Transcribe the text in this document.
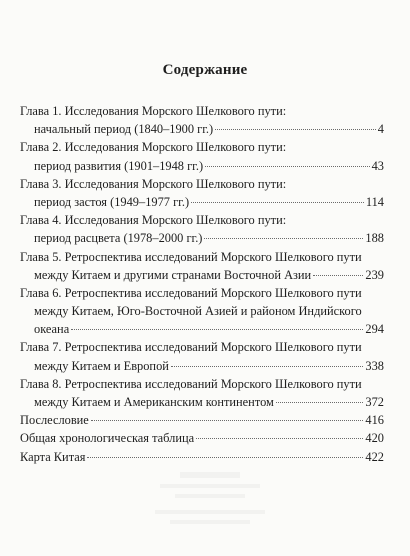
Содержание
Глава 1. Исследования Морского Шелкового пути:
начальный период (1840–1900 гг.)	4
Глава 2. Исследования Морского Шелкового пути:
период развития (1901–1948 гг.)	43
Глава 3. Исследования Морского Шелкового пути:
период застоя (1949–1977 гг.)	114
Глава 4. Исследования Морского Шелкового пути:
период расцвета (1978–2000 гг.)	188
Глава 5. Ретроспектива исследований Морского Шелкового пути
между Китаем и другими странами Восточной Азии	239
Глава 6. Ретроспектива исследований Морского Шелкового пути
между Китаем, Юго-Восточной Азией и районом Индийского
океана	294
Глава 7. Ретроспектива исследований Морского Шелкового пути
между Китаем и Европой	338
Глава 8. Ретроспектива исследований Морского Шелкового пути
между Китаем и Американским континентом	372
Послесловие	416
Общая хронологическая таблица	420
Карта Китая	422
